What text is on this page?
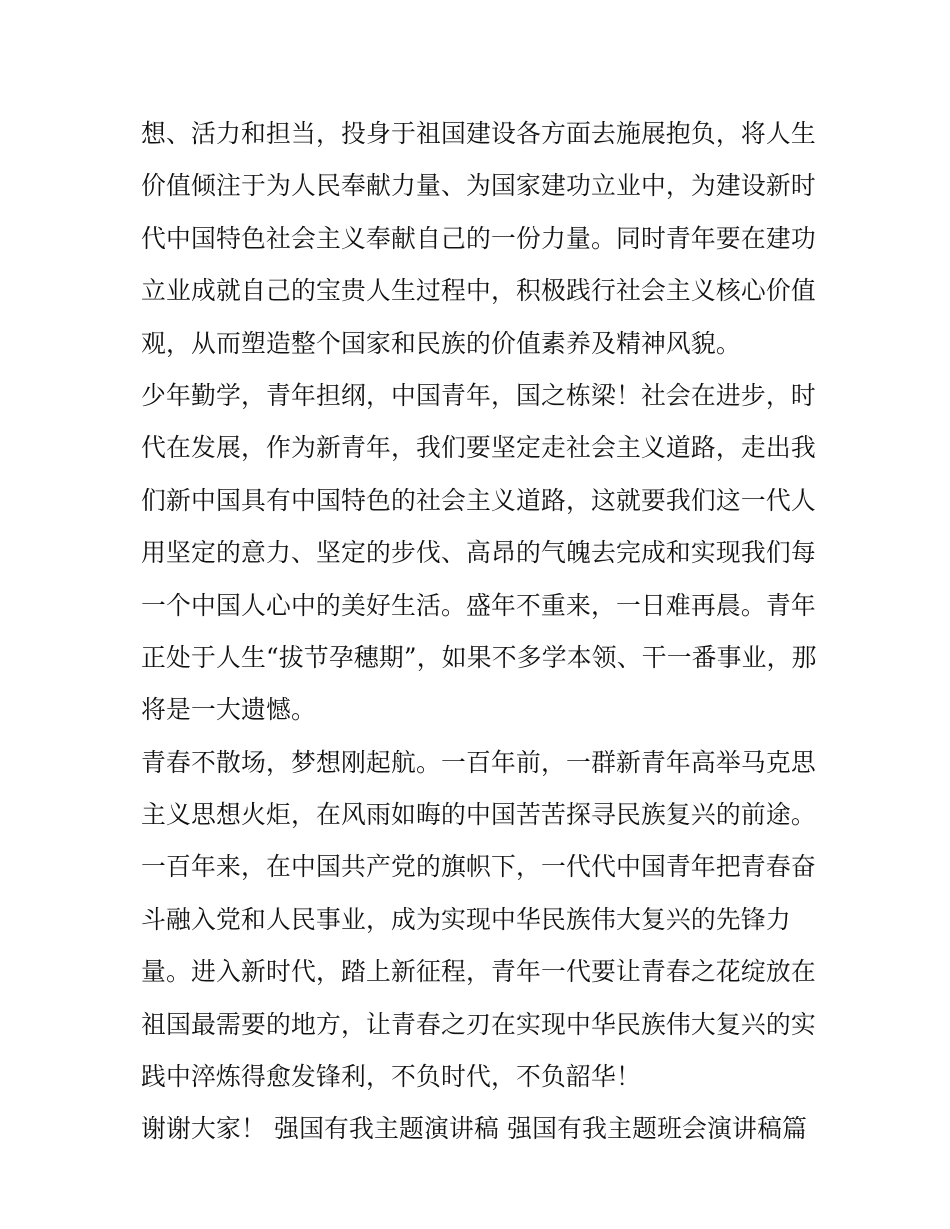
想、活力和担当，投身于祖国建设各方面去施展抱负，将人生
价值倾注于为人民奉献力量、为国家建功立业中，为建设新时
代中国特色社会主义奉献自己的一份力量。同时青年要在建功
立业成就自己的宝贵人生过程中，积极践行社会主义核心价值
观，从而塑造整个国家和民族的价值素养及精神风貌。
少年勤学，青年担纲，中国青年，国之栋梁！社会在进步，时
代在发展，作为新青年，我们要坚定走社会主义道路，走出我
们新中国具有中国特色的社会主义道路，这就要我们这一代人
用坚定的意力、坚定的步伐、高昂的气魄去完成和实现我们每
一个中国人心中的美好生活。盛年不重来，一日难再晨。青年
正处于人生“拔节孕穗期”，如果不多学本领、干一番事业，那
将是一大遗憾。
青春不散场，梦想刚起航。一百年前，一群新青年高举马克思
主义思想火炬，在风雨如晦的中国苦苦探寻民族复兴的前途。
一百年来，在中国共产党的旗帜下，一代代中国青年把青春奋
斗融入党和人民事业，成为实现中华民族伟大复兴的先锋力
量。进入新时代，踏上新征程，青年一代要让青春之花绽放在
祖国最需要的地方，让青春之刃在实现中华民族伟大复兴的实
践中淬炼得愈发锋利，不负时代，不负韶华！
谢谢大家！ 强国有我主题演讲稿 强国有我主题班会演讲稿篇
